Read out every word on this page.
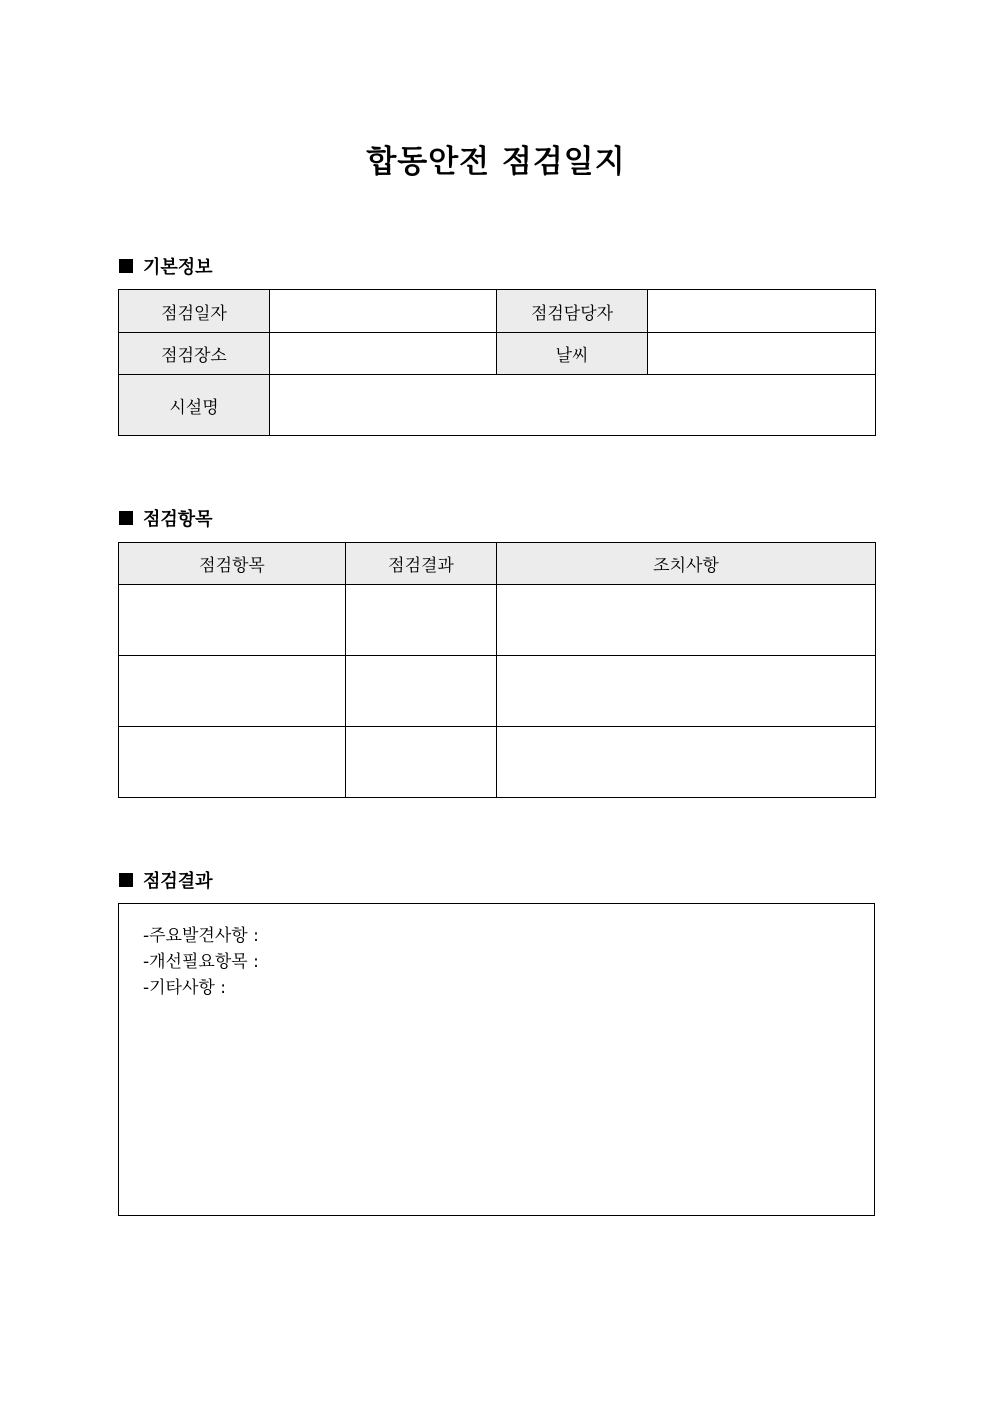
합동안전 점검일지
기본정보
점검일자		점검담당자	
점검장소		날씨	
시설명			
점검항목
점검항목	점검결과	조치사항

점검결과
-주요발견사항 :
-개선필요항목 :
-기타사항 :
